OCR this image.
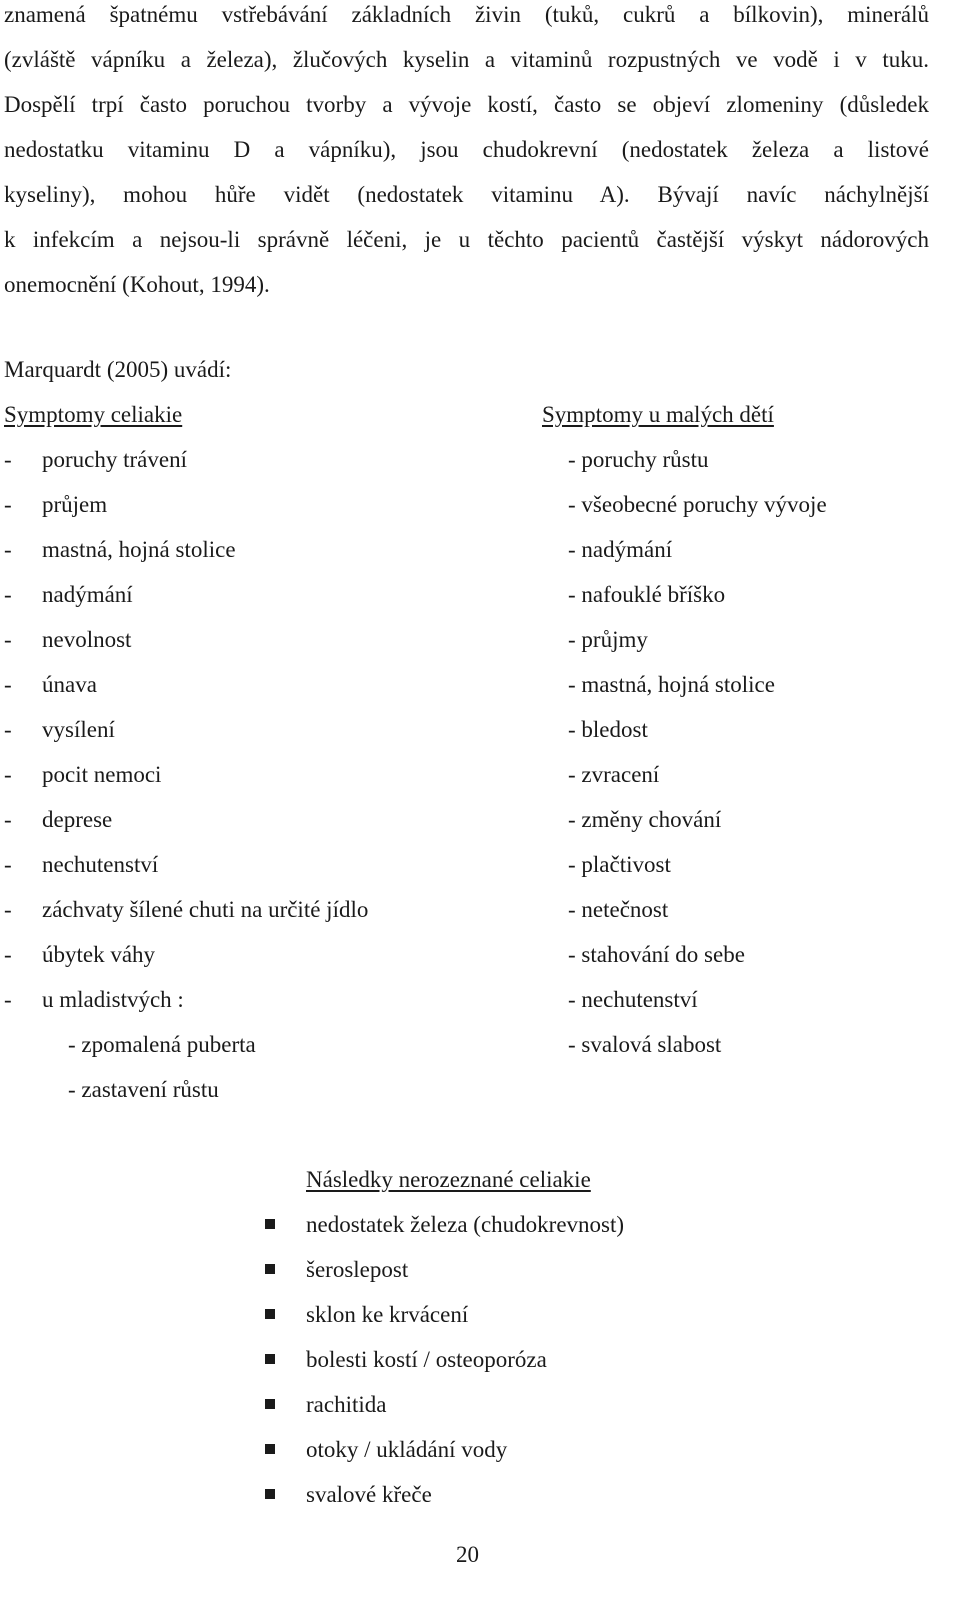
znamená špatnému vstřebávání základních živin (tuků, cukrů a bílkovin), minerálů
(zvláště vápníku a železa), žlučových kyselin a vitaminů rozpustných ve vodě i v tuku.
Dospělí trpí často poruchou tvorby a vývoje kostí, často se objeví zlomeniny (důsledek
nedostatku vitaminu D a vápníku), jsou chudokrevní (nedostatek železa a listové
kyseliny), mohou hůře vidět (nedostatek vitaminu A). Bývají navíc náchylnější
k infekcím a nejsou-li správně léčeni, je u těchto pacientů častější výskyt nádorových
onemocnění (Kohout, 1994).
Marquardt (2005) uvádí:
Symptomy celiakie
- poruchy trávení
- průjem
- mastná, hojná stolice
- nadýmání
- nevolnost
- únava
- vysílení
- pocit nemoci
- deprese
- nechutenství
- záchvaty šílené chuti na určité jídlo
- úbytek váhy
- u mladistvých :
- zpomalená puberta
- zastavení růstu
Symptomy u malých dětí
- poruchy růstu
- všeobecné poruchy vývoje
- nadýmání
- nafouklé bříško
- průjmy
- mastná, hojná stolice
- bledost
- zvracení
- změny chování
- plačtivost
- netečnost
- stahování do sebe
- nechutenství
- svalová slabost
Následky nerozeznané celiakie
nedostatek železa (chudokrevnost)
šeroslepost
sklon ke krvácení
bolesti kostí / osteoporóza
rachitida
otoky / ukládání vody
svalové křeče
20
